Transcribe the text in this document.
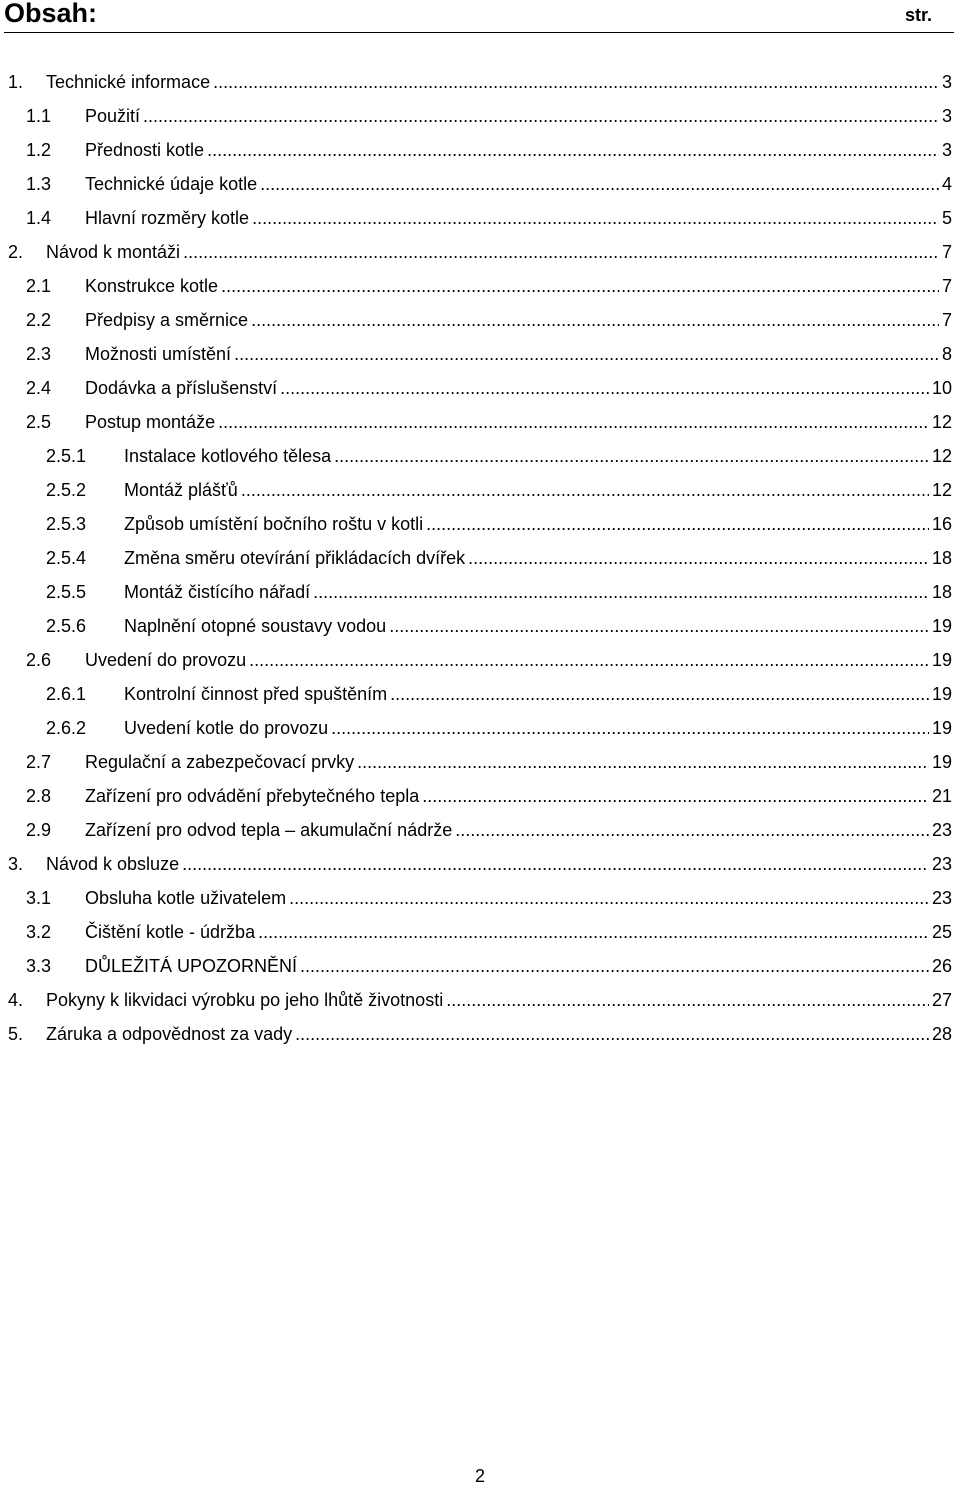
Obsah:	str.
1.	Technické informace .....	3
1.1	Použití .....	3
1.2	Přednosti kotle .....	3
1.3	Technické údaje kotle .....	4
1.4	Hlavní rozměry kotle .....	5
2.	Návod k montáži .....	7
2.1	Konstrukce kotle .....	7
2.2	Předpisy a směrnice .....	7
2.3	Možnosti umístění .....	8
2.4	Dodávka a příslušenství .....	10
2.5	Postup montáže .....	12
2.5.1	Instalace kotlového tělesa .....	12
2.5.2	Montáž plášťů .....	12
2.5.3	Způsob umístění bočního roštu v kotli .....	16
2.5.4	Změna směru otevírání přikládacích dvířek .....	18
2.5.5	Montáž čistícího nářadí .....	18
2.5.6	Naplnění otopné soustavy vodou .....	19
2.6	Uvedení do provozu .....	19
2.6.1	Kontrolní činnost před spuštěním .....	19
2.6.2	Uvedení kotle do provozu .....	19
2.7	Regulační a zabezpečovací prvky .....	19
2.8	Zařízení pro odvádění přebytečného tepla .....	21
2.9	Zařízení pro odvod tepla – akumulační nádrže .....	23
3.	Návod k obsluze .....	23
3.1	Obsluha kotle uživatelem .....	23
3.2	Čištění kotle - údržba .....	25
3.3	DŮLEŽITÁ UPOZORNĚNÍ .....	26
4.	Pokyny k likvidaci výrobku po jeho lhůtě životnosti .....	27
5.	Záruka a odpovědnost za vady .....	28
2
